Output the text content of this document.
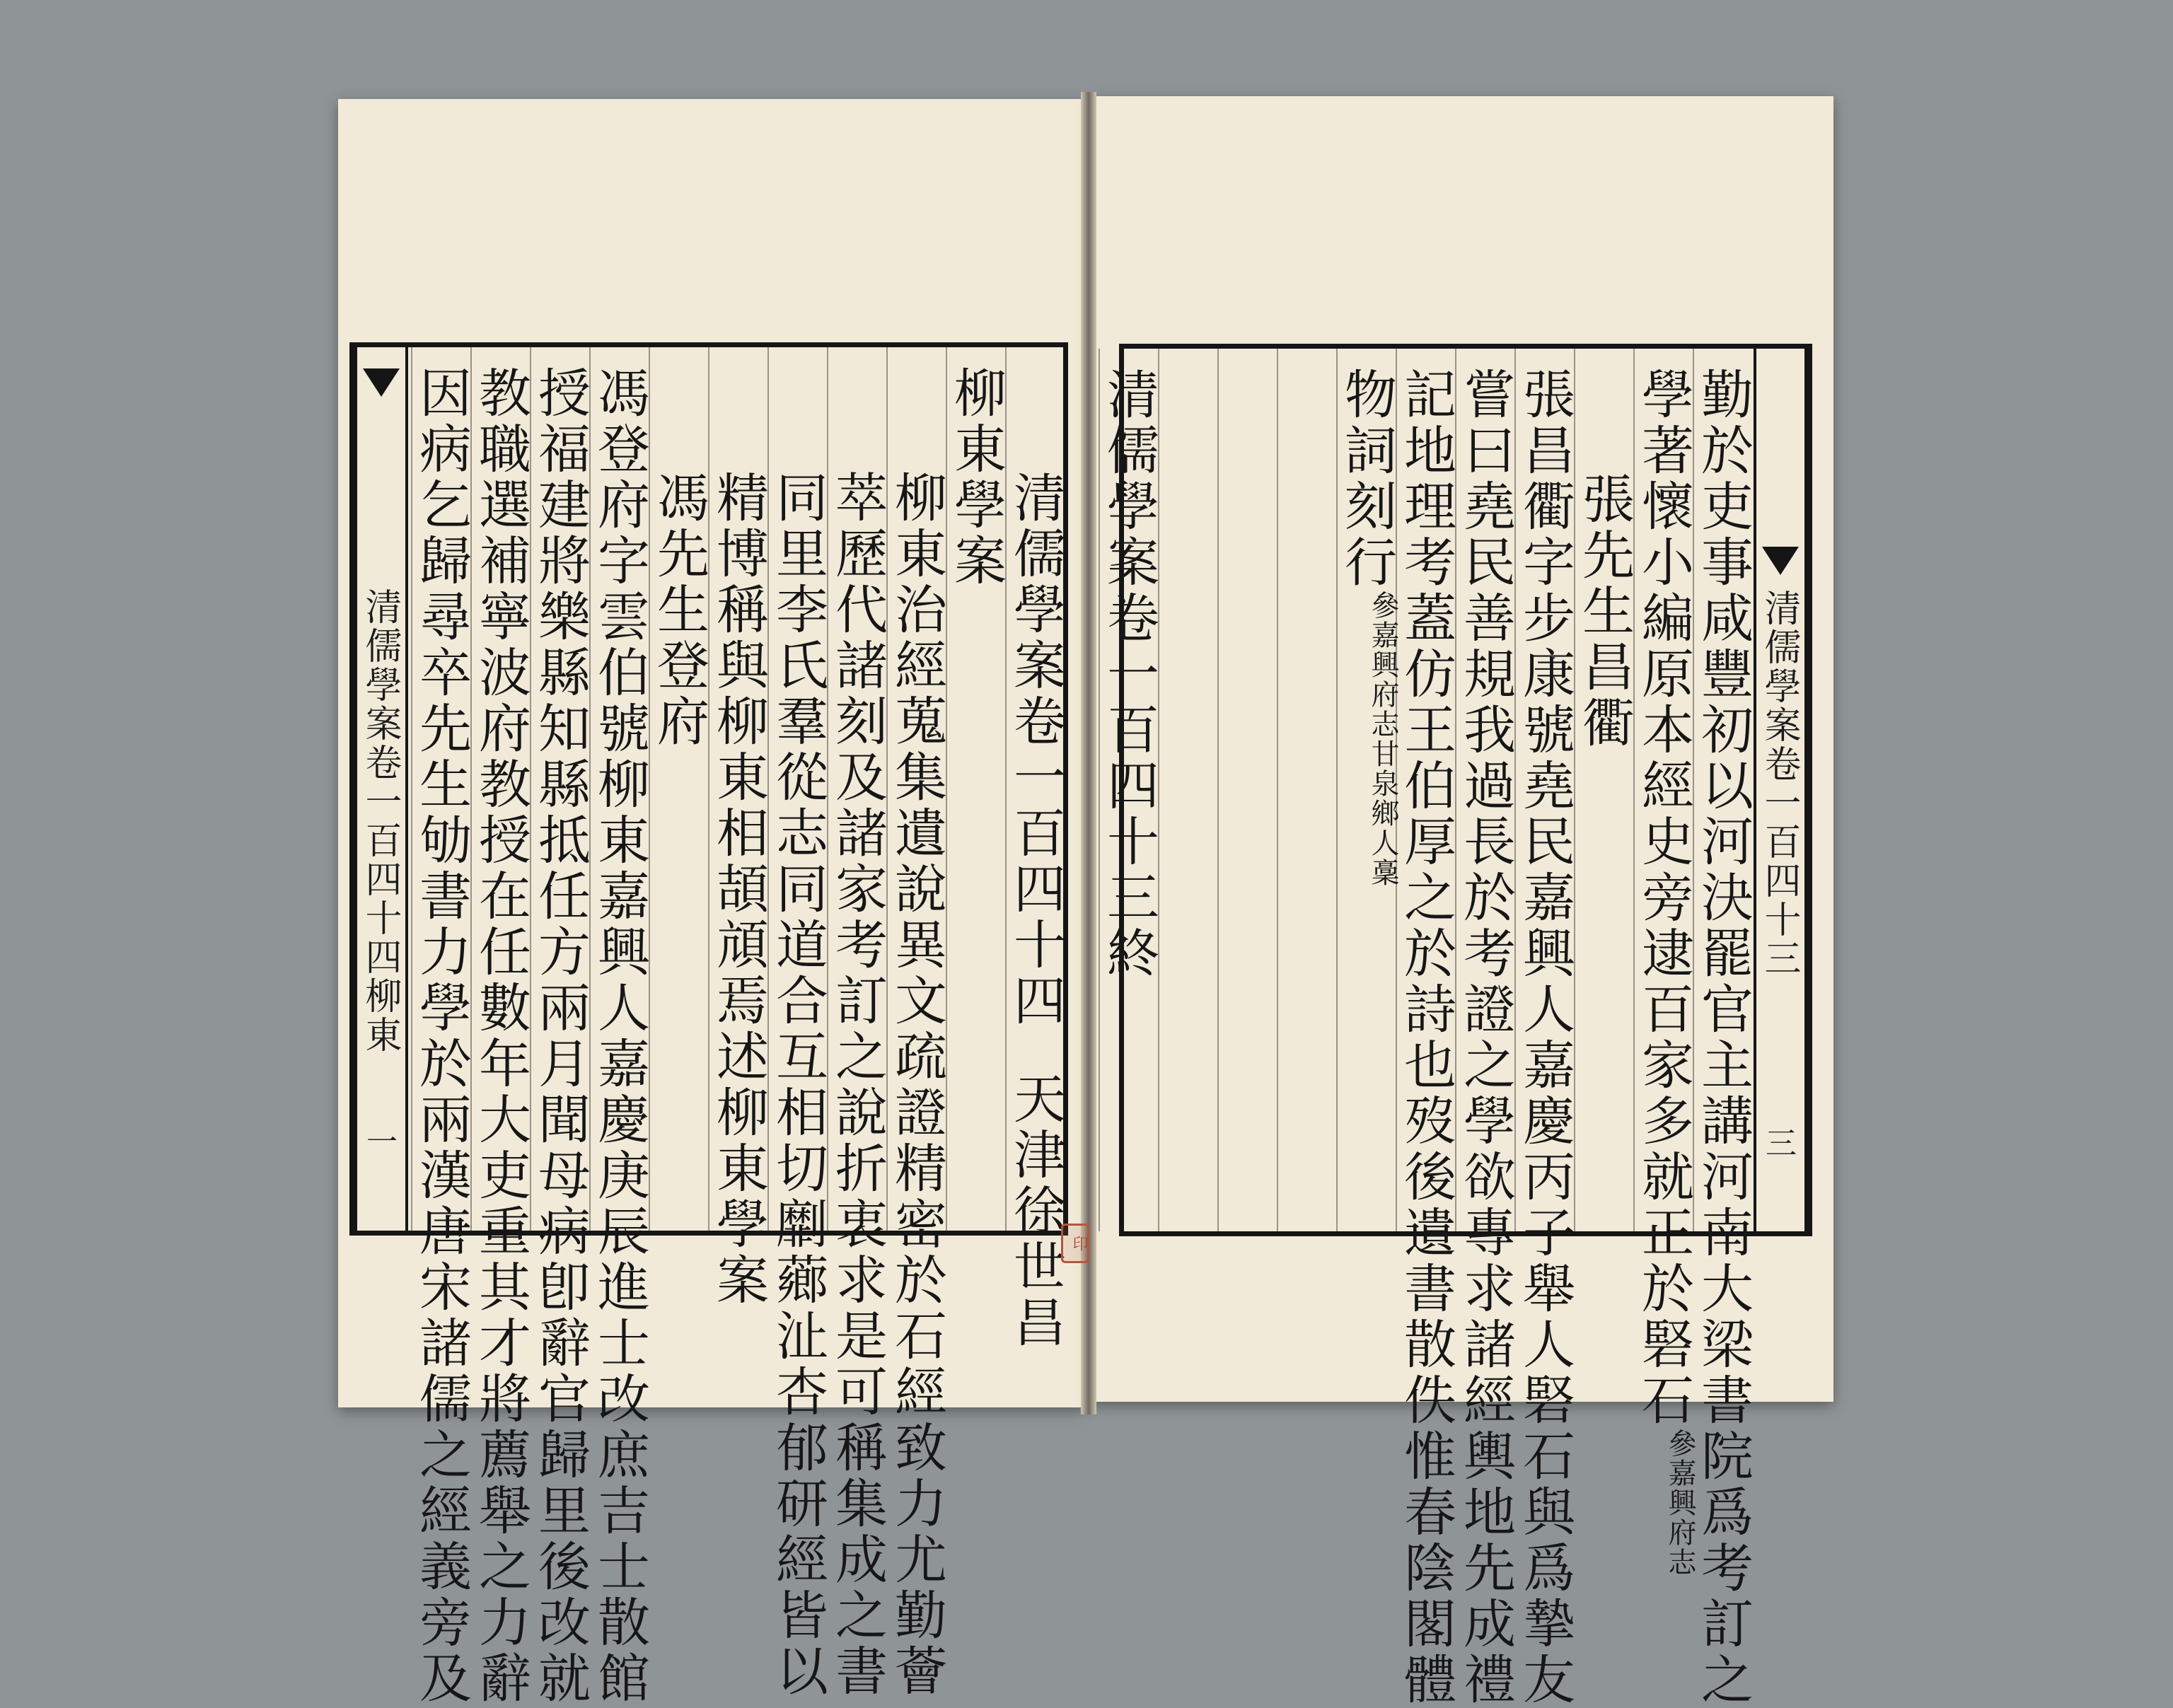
清儒學案卷一百四十四柳東
一 因病乞歸尋卒先生劬書力學於兩漢唐宋諸儒之經義旁及
教職選補寧波府教授在任數年大吏重其才將薦舉之力辭
授福建將樂縣知縣抵任方兩月聞母病卽辭官歸里後改就
馮登府字雲伯號柳東嘉興人嘉慶庚辰進士改庶吉士散館
馮先生登府
精博稱與柳東相頡頏焉述柳東學案
同里李氏羣從志同道合互相切劘薌沚杏郁研經皆以
萃歷代諸刻及諸家考訂之說折衷求是可稱集成之書
柳東治經蒐集遺說異文疏證精密於石經致力尤勤薈
柳東學案
清儒學案卷一百四十四天津徐世昌
清儒學案卷一百四十三
三
勤於吏事咸豐初以河決罷官主講河南大梁書院爲考訂之
學著懷小編原本經史旁逮百家多就正於硻石參嘉興府志
張先生昌衢
張昌衢字步康號堯民嘉興人嘉慶丙子舉人硻石與爲摯友
嘗曰堯民善規我過長於考證之學欲專求諸經輿地先成禮
記地理考蓋仿王伯厚之於詩也歿後遺書散佚惟春陰閣體
物詞刻行參嘉興府志甘泉鄉人稾
清儒學案卷一百四十三終
印
